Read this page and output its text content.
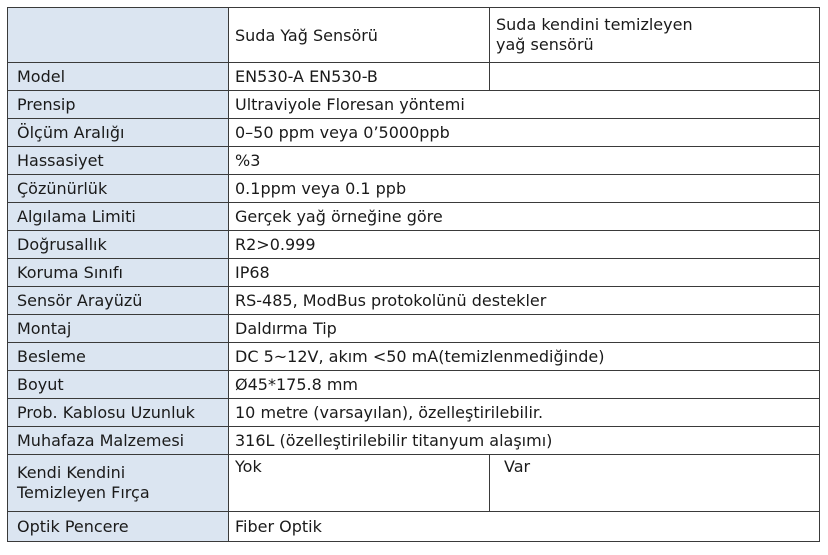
	Suda Yağ Sensörü	Suda kendini temizleyen
yağ sensörü

Model	EN530-A EN530-B	
Prensip	Ultraviyole Floresan yöntemi	
Ölçüm Aralığı	0–50 ppm veya 0’5000ppb	
Hassasiyet	%3	
Çözünürlük	0.1ppm veya 0.1 ppb	
Algılama Limiti	Gerçek yağ örneğine göre	
Doğrusallık	R2>0.999	
Koruma Sınıfı	IP68	
Sensör Arayüzü	RS-485, ModBus protokolünü destekler	
Montaj	Daldırma Tip	
Besleme	DC 5~12V, akım <50 mA(temizlenmediğinde)	
Boyut	Ø45*175.8 mm	
Prob. Kablosu Uzunluk	10 metre (varsayılan), özelleştirilebilir.	
Muhafaza Malzemesi	316L (özelleştirilebilir titanyum alaşımı)	

Kendi Kendini
Temizleyen Fırça	Yok	Var
Optik Pencere	Fiber Optik	
